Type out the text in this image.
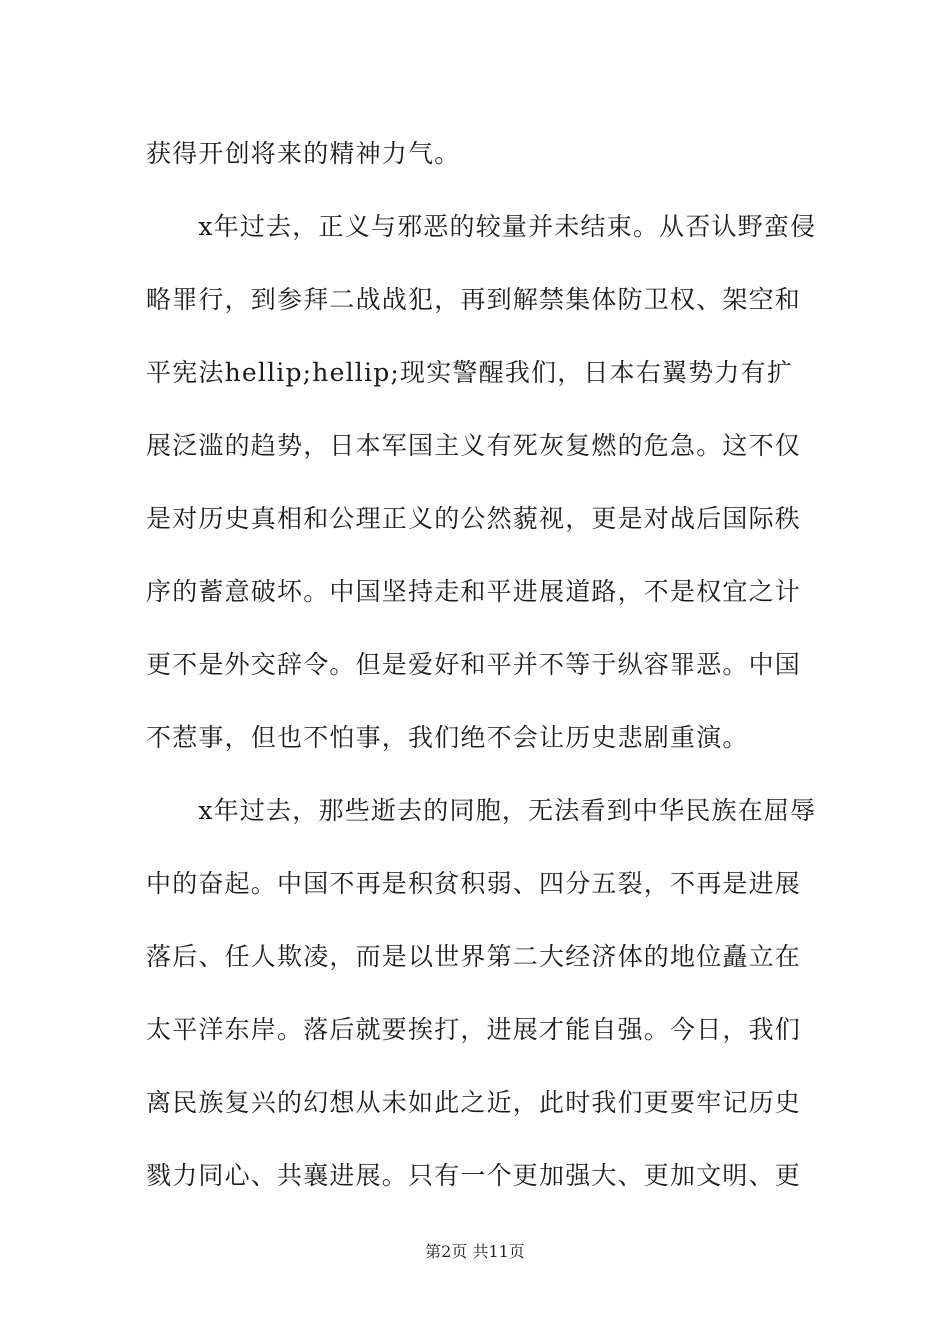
获得开创将来的精神力气。
　　x年过去，正义与邪恶的较量并未结束。从否认野蛮侵
略罪行，到参拜二战战犯，再到解禁集体防卫权、架空和
平宪法hellip;hellip;现实警醒我们，日本右翼势力有扩
展泛滥的趋势，日本军国主义有死灰复燃的危急。这不仅
是对历史真相和公理正义的公然藐视，更是对战后国际秩
序的蓄意破坏。中国坚持走和平进展道路，不是权宜之计
更不是外交辞令。但是爱好和平并不等于纵容罪恶。中国
不惹事，但也不怕事，我们绝不会让历史悲剧重演。
　　x年过去，那些逝去的同胞，无法看到中华民族在屈辱
中的奋起。中国不再是积贫积弱、四分五裂，不再是进展
落后、任人欺凌，而是以世界第二大经济体的地位矗立在
太平洋东岸。落后就要挨打，进展才能自强。今日，我们
离民族复兴的幻想从未如此之近，此时我们更要牢记历史
戮力同心、共襄进展。只有一个更加强大、更加文明、更
第2页 共11页
